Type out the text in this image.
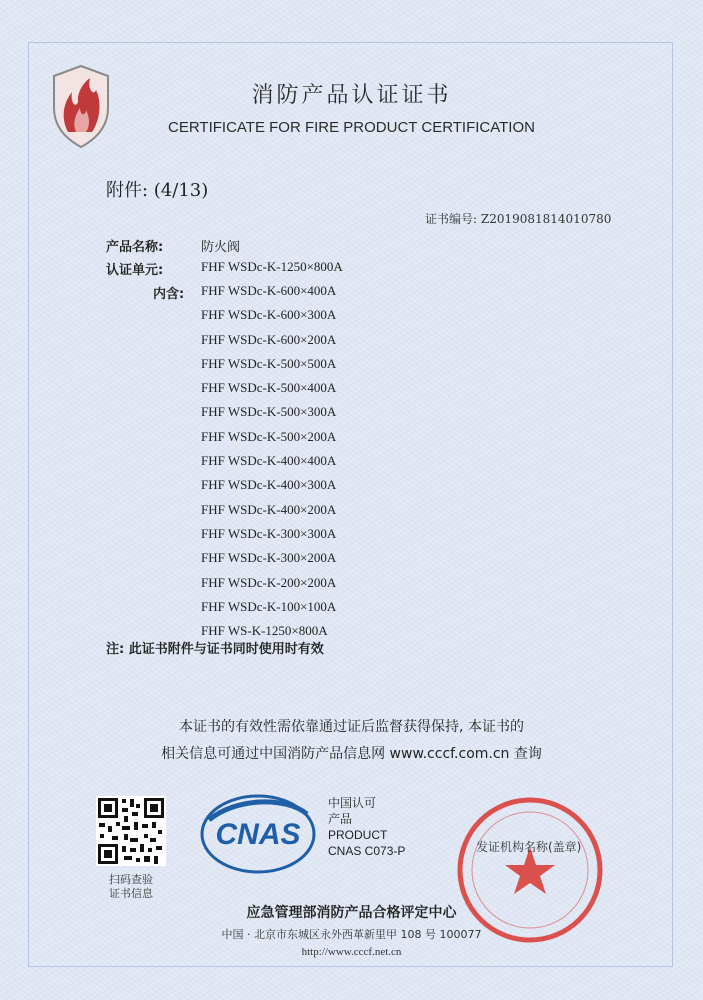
消防产品认证证书
CERTIFICATE FOR FIRE PRODUCT CERTIFICATION
附件: (4/13)
证书编号: Z2019081814010780
产品名称:	防火阀
认证单元:	FHF WSDc-K-1250×800A
内含: FHF WSDc-K-600×400A
FHF WSDc-K-600×300A
FHF WSDc-K-600×200A
FHF WSDc-K-500×500A
FHF WSDc-K-500×400A
FHF WSDc-K-500×300A
FHF WSDc-K-500×200A
FHF WSDc-K-400×400A
FHF WSDc-K-400×300A
FHF WSDc-K-400×200A
FHF WSDc-K-300×300A
FHF WSDc-K-300×200A
FHF WSDc-K-200×200A
FHF WSDc-K-100×100A
FHF WS-K-1250×800A
注: 此证书附件与证书同时使用时有效
本证书的有效性需依靠通过证后监督获得保持, 本证书的
相关信息可通过中国消防产品信息网 www.cccf.com.cn 查询
扫码查验
证书信息
CNAS
中国认可
产品
PRODUCT
CNAS C073-P	发证机构名称(盖章)
应急管理部消防产品合格评定中心
中国 · 北京市东城区永外西革新里甲 108 号 100077
http://www.cccf.net.cn
